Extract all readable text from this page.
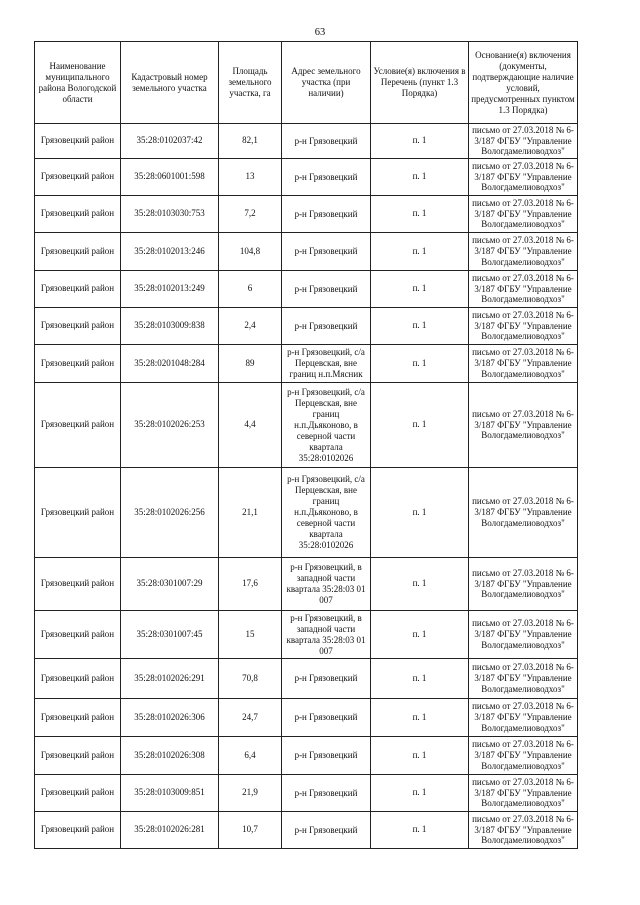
63
Наименование муниципального района Вологодской области	Кадастровый номер земельного участка	Площадь земельного участка, га	Адрес земельного участка (при наличии)	Условие(я) включения в Перечень (пункт 1.3 Порядка)	Основание(я) включения (документы, подтверждающие наличие условий, предусмотренных пунктом 1.3 Порядка)
Грязовецкий район	35:28:0102037:42	82,1	р-н Грязовецкий	п. 1	письмо от 27.03.2018 № 6-3/187 ФГБУ "Управление Вологдамелиоводхоз"
Грязовецкий район	35:28:0601001:598	13	р-н Грязовецкий	п. 1	письмо от 27.03.2018 № 6-3/187 ФГБУ "Управление Вологдамелиоводхоз"
Грязовецкий район	35:28:0103030:753	7,2	р-н Грязовецкий	п. 1	письмо от 27.03.2018 № 6-3/187 ФГБУ "Управление Вологдамелиоводхоз"
Грязовецкий район	35:28:0102013:246	104,8	р-н Грязовецкий	п. 1	письмо от 27.03.2018 № 6-3/187 ФГБУ "Управление Вологдамелиоводхоз"
Грязовецкий район	35:28:0102013:249	6	р-н Грязовецкий	п. 1	письмо от 27.03.2018 № 6-3/187 ФГБУ "Управление Вологдамелиоводхоз"
Грязовецкий район	35:28:0103009:838	2,4	р-н Грязовецкий	п. 1	письмо от 27.03.2018 № 6-3/187 ФГБУ "Управление Вологдамелиоводхоз"
Грязовецкий район	35:28:0201048:284	89	р-н Грязовецкий, с/а Перцевская, вне границ н.п.Мясник	п. 1	письмо от 27.03.2018 № 6-3/187 ФГБУ "Управление Вологдамелиоводхоз"
Грязовецкий район	35:28:0102026:253	4,4	р-н Грязовецкий, с/а Перцевская, вне границ н.п.Дьяконово, в северной части квартала 35:28:0102026	п. 1	письмо от 27.03.2018 № 6-3/187 ФГБУ "Управление Вологдамелиоводхоз"
Грязовецкий район	35:28:0102026:256	21,1	р-н Грязовецкий, с/а Перцевская, вне границ н.п.Дьяконово, в северной части квартала 35:28:0102026	п. 1	письмо от 27.03.2018 № 6-3/187 ФГБУ "Управление Вологдамелиоводхоз"
Грязовецкий район	35:28:0301007:29	17,6	р-н Грязовецкий, в западной части квартала 35:28:03 01 007	п. 1	письмо от 27.03.2018 № 6-3/187 ФГБУ "Управление Вологдамелиоводхоз"
Грязовецкий район	35:28:0301007:45	15	р-н Грязовецкий, в западной части квартала 35:28:03 01 007	п. 1	письмо от 27.03.2018 № 6-3/187 ФГБУ "Управление Вологдамелиоводхоз"
Грязовецкий район	35:28:0102026:291	70,8	р-н Грязовецкий	п. 1	письмо от 27.03.2018 № 6-3/187 ФГБУ "Управление Вологдамелиоводхоз"
Грязовецкий район	35:28:0102026:306	24,7	р-н Грязовецкий	п. 1	письмо от 27.03.2018 № 6-3/187 ФГБУ "Управление Вологдамелиоводхоз"
Грязовецкий район	35:28:0102026:308	6,4	р-н Грязовецкий	п. 1	письмо от 27.03.2018 № 6-3/187 ФГБУ "Управление Вологдамелиоводхоз"
Грязовецкий район	35:28:0103009:851	21,9	р-н Грязовецкий	п. 1	письмо от 27.03.2018 № 6-3/187 ФГБУ "Управление Вологдамелиоводхоз"
Грязовецкий район	35:28:0102026:281	10,7	р-н Грязовецкий	п. 1	письмо от 27.03.2018 № 6-3/187 ФГБУ "Управление Вологдамелиоводхоз"
